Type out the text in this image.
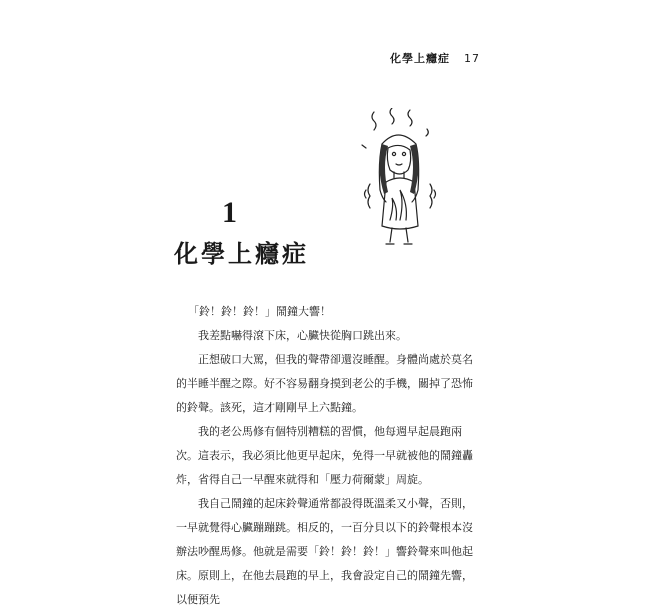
化學上癮症 17
1
化學上癮症

「鈴！鈴！鈴！」鬧鐘大響！

我差點嚇得滾下床，心臟快從胸口跳出來。

正想破口大罵，但我的聲帶卻還沒睡醒。身體尚處於莫名的半睡半醒之際。好不容易翻身摸到老公的手機，關掉了恐怖的鈴聲。該死，這才剛剛早上六點鐘。

我的老公馬修有個特別糟糕的習慣，他每週早起晨跑兩次。這表示，我必須比他更早起床，免得一早就被他的鬧鐘轟炸，省得自己一早醒來就得和「壓力荷爾蒙」周旋。

我自己鬧鐘的起床鈴聲通常都設得既溫柔又小聲，否則，一早就覺得心臟蹦蹦跳。相反的，一百分貝以下的鈴聲根本沒辦法吵醒馬修。他就是需要「鈴！鈴！鈴！」響鈴聲來叫他起床。原則上，在他去晨跑的早上，我會設定自己的鬧鐘先響，以便預先
